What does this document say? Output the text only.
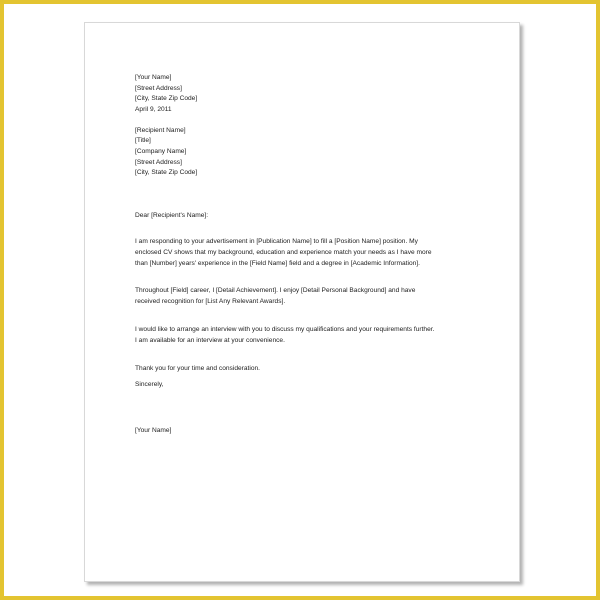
[Your Name]
[Street Address]
[City, State Zip Code]
April 9, 2011
[Recipient Name]
[Title]
[Company Name]
[Street Address]
[City, State Zip Code]
Dear [Recipient's Name]:
I am responding to your advertisement in [Publication Name] to fill a [Position Name] position. My
enclosed CV shows that my background, education and experience match your needs as I have more
than [Number] years' experience in the [Field Name] field and a degree in [Academic Information].
Throughout [Field] career, I [Detail Achievement]. I enjoy [Detail Personal Background] and have
received recognition for [List Any Relevant Awards].
I would like to arrange an interview with you to discuss my qualifications and your requirements further.
I am available for an interview at your convenience.
Thank you for your time and consideration.
Sincerely,
[Your Name]
